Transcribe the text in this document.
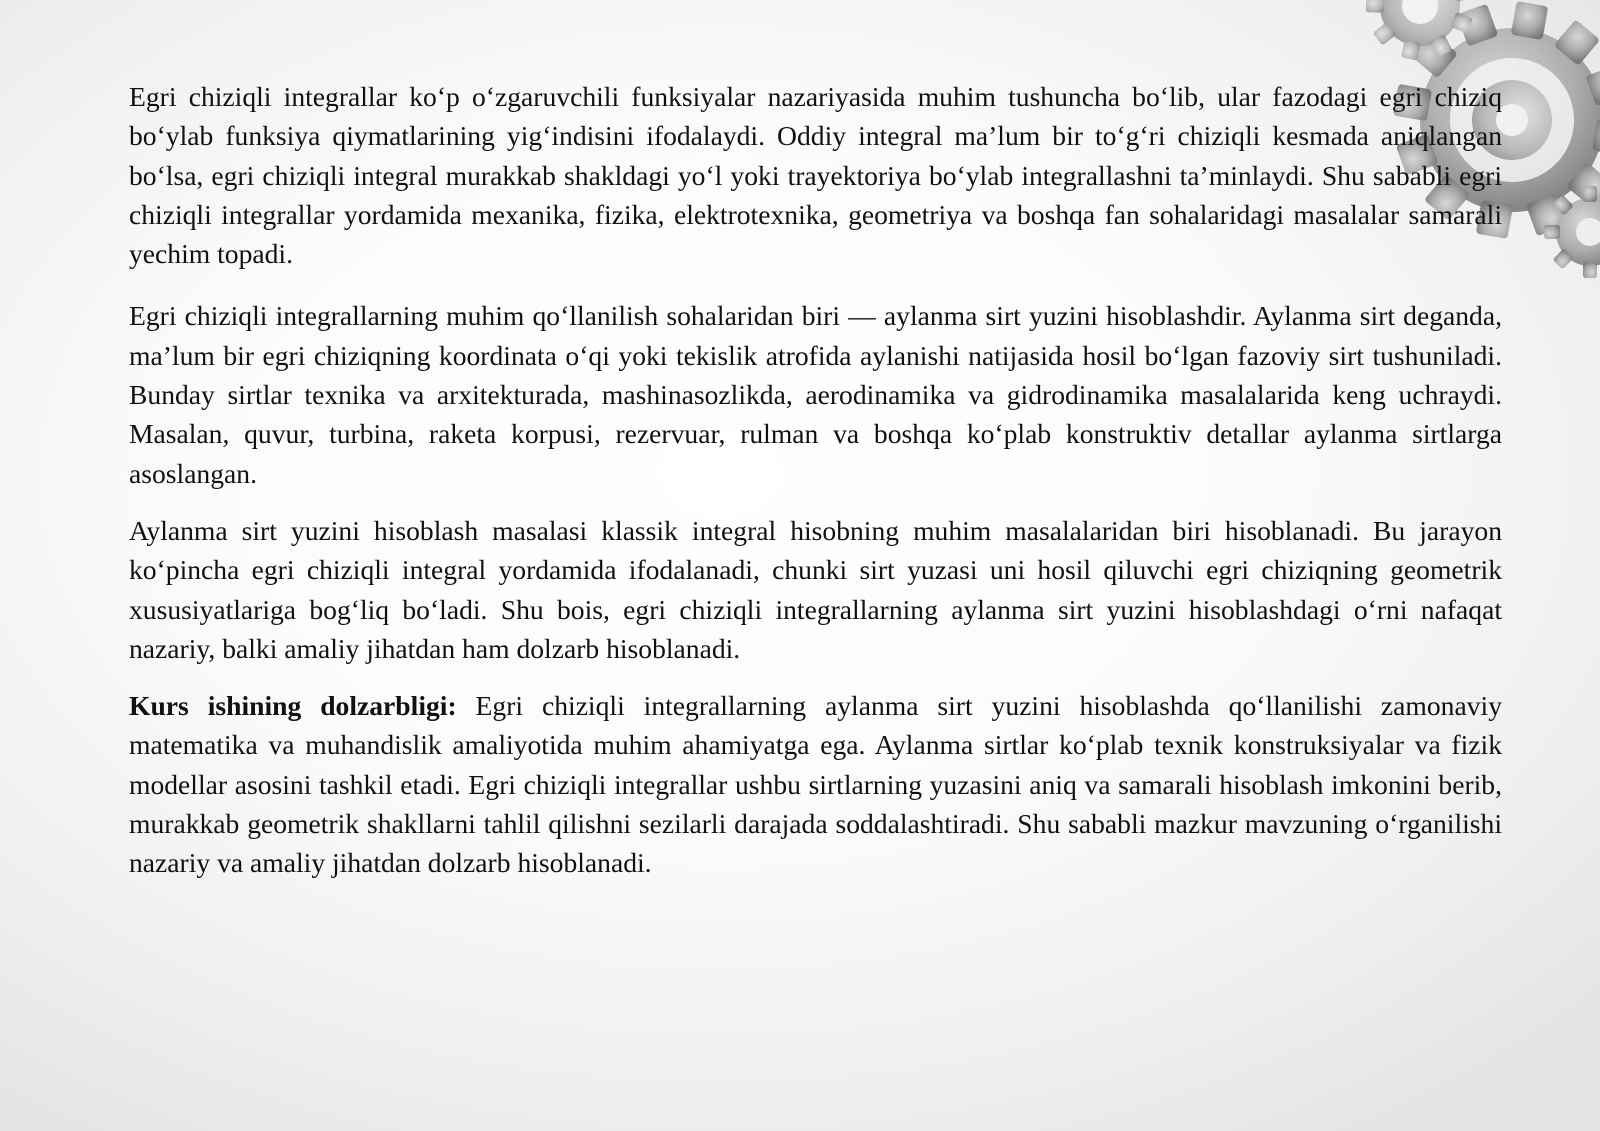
Egri chiziqli integrallar ko‘p o‘zgaruvchili funksiyalar nazariyasida muhim tushuncha bo‘lib, ular fazodagi egri chiziq bo‘ylab funksiya qiymatlarining yig‘indisini ifodalaydi. Oddiy integral ma’lum bir to‘g‘ri chiziqli kesmada aniqlangan bo‘lsa, egri chiziqli integral murakkab shakldagi yo‘l yoki trayektoriya bo‘ylab integrallashni ta’minlaydi. Shu sababli egri chiziqli integrallar yordamida mexanika, fizika, elektrotexnika, geometriya va boshqa fan sohalaridagi masalalar samarali yechim topadi.

Egri chiziqli integrallarning muhim qo‘llanilish sohalaridan biri — aylanma sirt yuzini hisoblashdir. Aylanma sirt deganda, ma’lum bir egri chiziqning koordinata o‘qi yoki tekislik atrofida aylanishi natijasida hosil bo‘lgan fazoviy sirt tushuniladi. Bunday sirtlar texnika va arxitekturada, mashinasozlikda, aerodinamika va gidrodinamika masalalarida keng uchraydi. Masalan, quvur, turbina, raketa korpusi, rezervuar, rulman va boshqa ko‘plab konstruktiv detallar aylanma sirtlarga asoslangan.

Aylanma sirt yuzini hisoblash masalasi klassik integral hisobning muhim masalalaridan biri hisoblanadi. Bu jarayon ko‘pincha egri chiziqli integral yordamida ifodalanadi, chunki sirt yuzasi uni hosil qiluvchi egri chiziqning geometrik xususiyatlariga bog‘liq bo‘ladi. Shu bois, egri chiziqli integrallarning aylanma sirt yuzini hisoblashdagi o‘rni nafaqat nazariy, balki amaliy jihatdan ham dolzarb hisoblanadi.

Kurs ishining dolzarbligi: Egri chiziqli integrallarning aylanma sirt yuzini hisoblashda qo‘llanilishi zamonaviy matematika va muhandislik amaliyotida muhim ahamiyatga ega. Aylanma sirtlar ko‘plab texnik konstruksiyalar va fizik modellar asosini tashkil etadi. Egri chiziqli integrallar ushbu sirtlarning yuzasini aniq va samarali hisoblash imkonini berib, murakkab geometrik shakllarni tahlil qilishni sezilarli darajada soddalashtiradi. Shu sababli mazkur mavzuning o‘rganilishi nazariy va amaliy jihatdan dolzarb hisoblanadi.
